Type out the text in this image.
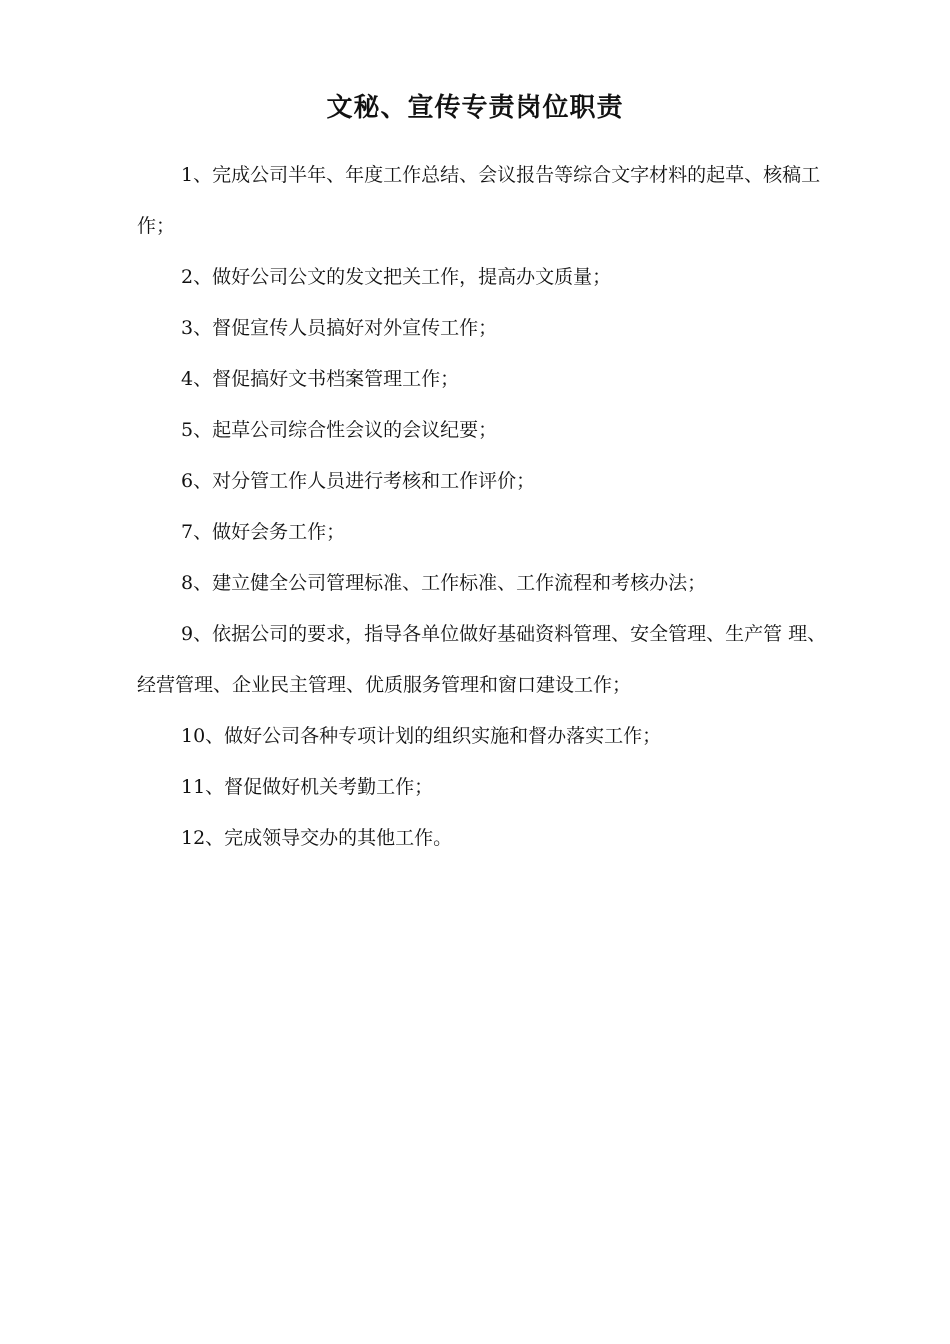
文秘、宣传专责岗位职责
1、完成公司半年、年度工作总结、会议报告等综合文字材料的起草、核稿工作；
2、做好公司公文的发文把关工作，提高办文质量；
3、督促宣传人员搞好对外宣传工作；
4、督促搞好文书档案管理工作；
5、起草公司综合性会议的会议纪要；
6、对分管工作人员进行考核和工作评价；
7、做好会务工作；
8、建立健全公司管理标准、工作标准、工作流程和考核办法；
9、依据公司的要求，指导各单位做好基础资料管理、安全管理、生产管 理、经营管理、企业民主管理、优质服务管理和窗口建设工作；
10、做好公司各种专项计划的组织实施和督办落实工作；
11、督促做好机关考勤工作；
12、完成领导交办的其他工作。
